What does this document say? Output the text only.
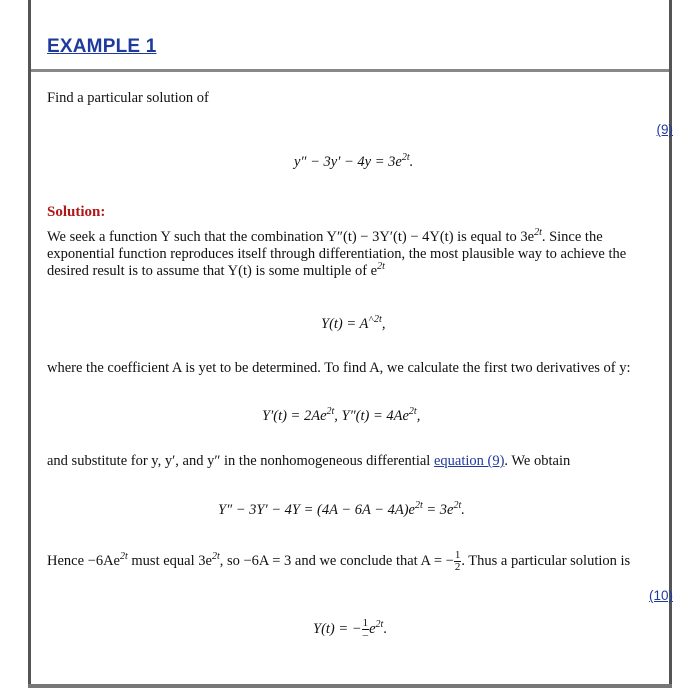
EXAMPLE 1

Find a particular solution of

(9)
$y'' - 3y' - 4y = 3e^{2t}$.
Solution:

We seek a function Y such that the combination Y″(t) − 3Y′(t) − 4Y(t) is equal to $3e^{2t}$. Since the exponential function reproduces itself through differentiation, the most plausible way to achieve the desired result is to assume that Y(t) is some multiple of $e^{2t}$

$Y(t) = A^{˄2t}$,

where the coefficient A is yet to be determined. To find A, we calculate the first two derivatives of y:

$Y'(t) = 2Ae^{2t}$, $Y''(t) = 4Ae^{2t}$,

and substitute for y, y′, and y″ in the nonhomogeneous differential equation (9). We obtain

$Y'' - 3Y' - 4Y = (4A - 6A - 4A)e^{2t} = 3e^{2t}$.

Hence $-6Ae^{2t}$ must equal $3e^{2t}$, so −6A = 3 and we conclude that A = − $\frac{1}{2}$ . Thus a particular solution is

(10)
Y(t) = − $\frac{1}{-} e^{2t}$.
